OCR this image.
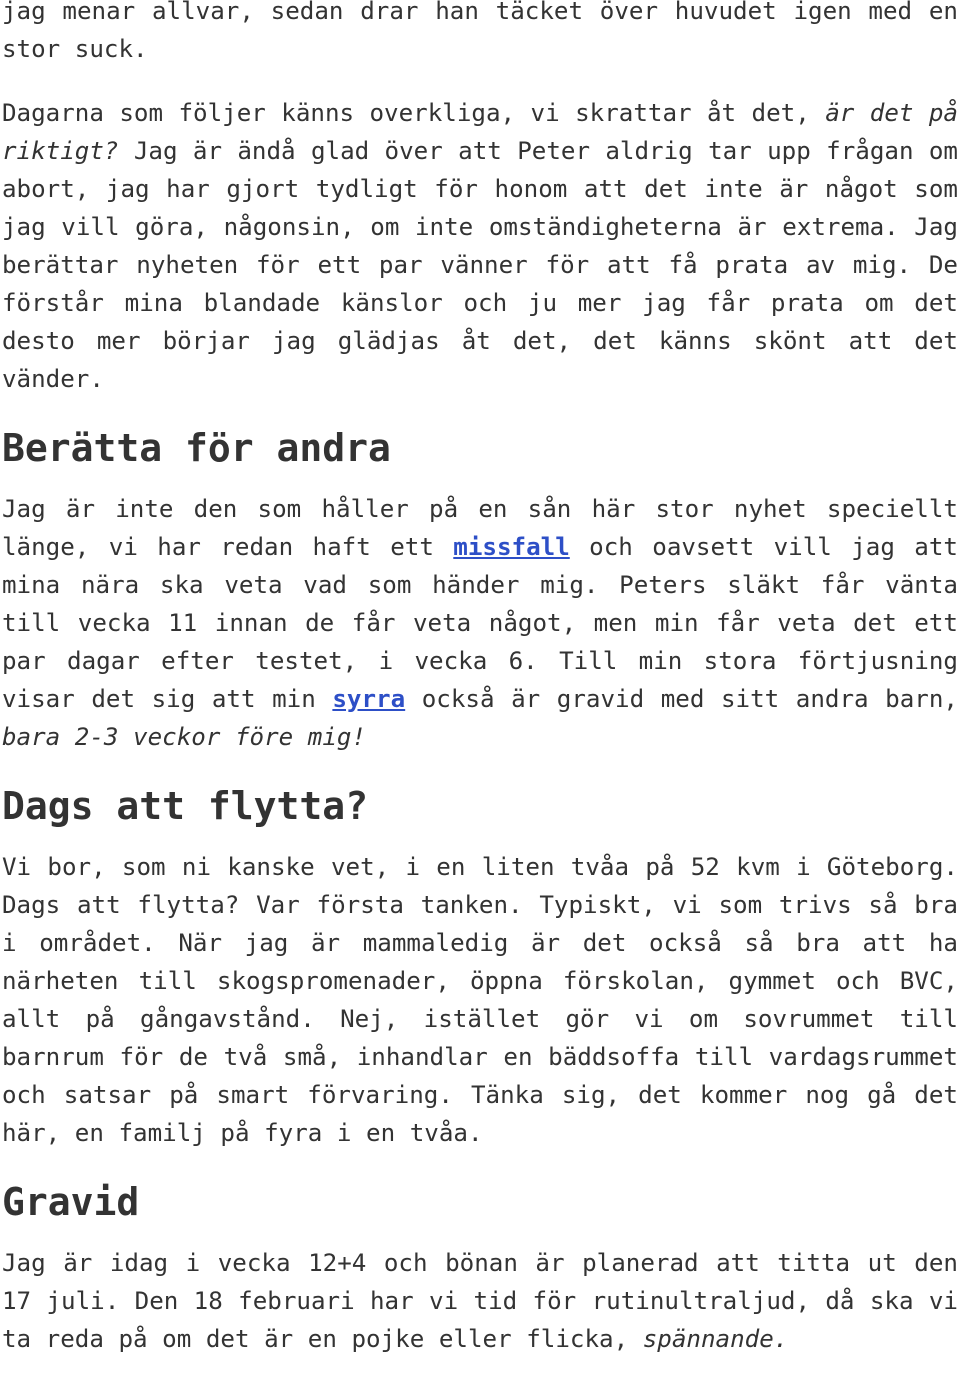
jag menar allvar, sedan drar han täcket över huvudet igen med en stor suck.

Dagarna som följer känns overkliga, vi skrattar åt det, är det på riktigt? Jag är ändå glad över att Peter aldrig tar upp frågan om abort, jag har gjort tydligt för honom att det inte är något som jag vill göra, någonsin, om inte omständigheterna är extrema. Jag berättar nyheten för ett par vänner för att få prata av mig. De förstår mina blandade känslor och ju mer jag får prata om det desto mer börjar jag glädjas åt det, det känns skönt att det vänder.

Berätta för andra

Jag är inte den som håller på en sån här stor nyhet speciellt länge, vi har redan haft ett missfall och oavsett vill jag att mina nära ska veta vad som händer mig. Peters släkt får vänta till vecka 11 innan de får veta något, men min får veta det ett par dagar efter testet, i vecka 6. Till min stora förtjusning visar det sig att min syrra också är gravid med sitt andra barn, bara 2-3 veckor före mig!

Dags att flytta?

Vi bor, som ni kanske vet, i en liten tvåa på 52 kvm i Göteborg. Dags att flytta? Var första tanken. Typiskt, vi som trivs så bra i området. När jag är mammaledig är det också så bra att ha närheten till skogspromenader, öppna förskolan, gymmet och BVC, allt på gångavstånd. Nej, istället gör vi om sovrummet till barnrum för de två små, inhandlar en bäddsoffa till vardagsrummet och satsar på smart förvaring. Tänka sig, det kommer nog gå det här, en familj på fyra i en tvåa.

Gravid

Jag är idag i vecka 12+4 och bönan är planerad att titta ut den 17 juli. Den 18 februari har vi tid för rutinultraljud, då ska vi ta reda på om det är en pojke eller flicka, spännande.
